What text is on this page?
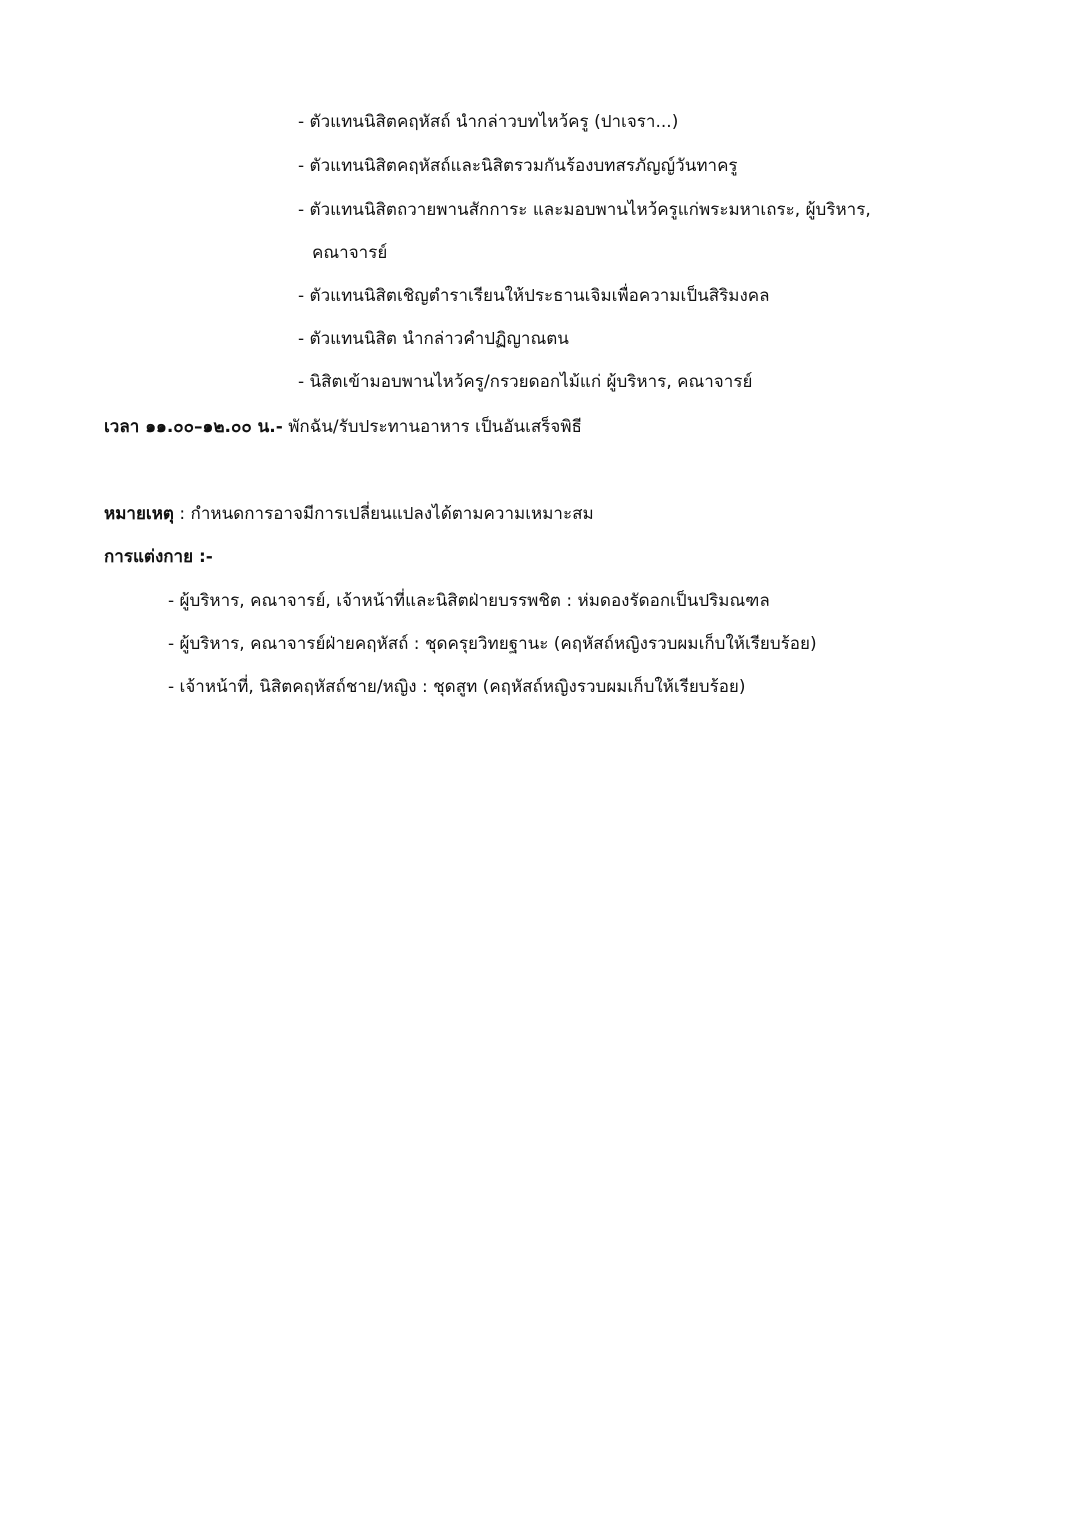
- ตัวแทนนิสิตคฤหัสถ์ นำกล่าวบทไหว้ครู (ปาเจรา...)
- ตัวแทนนิสิตคฤหัสถ์และนิสิตรวมกันร้องบทสรภัญญ์วันทาครู
- ตัวแทนนิสิตถวายพานสักการะ และมอบพานไหว้ครูแก่พระมหาเถระ, ผู้บริหาร,
คณาจารย์
- ตัวแทนนิสิตเชิญตำราเรียนให้ประธานเจิมเพื่อความเป็นสิริมงคล
- ตัวแทนนิสิต นำกล่าวคำปฏิญาณตน
- นิสิตเข้ามอบพานไหว้ครู/กรวยดอกไม้แก่ ผู้บริหาร, คณาจารย์
เวลา ๑๑.๐๐–๑๒.๐๐ น.- พักฉัน/รับประทานอาหาร เป็นอันเสร็จพิธี
หมายเหตุ : กำหนดการอาจมีการเปลี่ยนแปลงได้ตามความเหมาะสม
การแต่งกาย :-
- ผู้บริหาร, คณาจารย์, เจ้าหน้าที่และนิสิตฝ่ายบรรพชิต : ห่มดองรัดอกเป็นปริมณฑล
- ผู้บริหาร, คณาจารย์ฝ่ายคฤหัสถ์ : ชุดครุยวิทยฐานะ (คฤหัสถ์หญิงรวบผมเก็บให้เรียบร้อย)
- เจ้าหน้าที่, นิสิตคฤหัสถ์ชาย/หญิง : ชุดสูท (คฤหัสถ์หญิงรวบผมเก็บให้เรียบร้อย)
